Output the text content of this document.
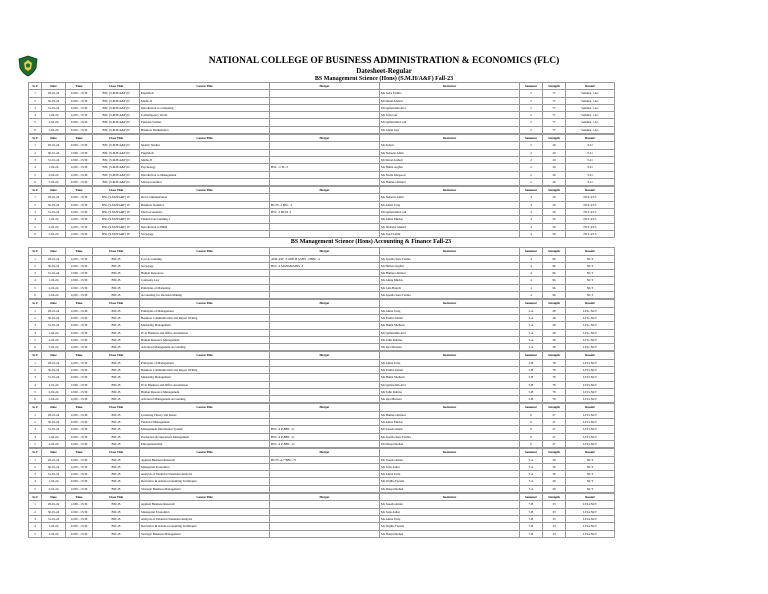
NATIONAL COLLEGE OF BUSINESS ADMINISTRATION & ECONOMICS (FLC)
Datesheet-Regular
BS Management Science (Hons) (S.M.H/A&F) Fall-23
Sr.#	Date	Time	Class Title	Course Title	Merger	Instructor	Semester	Strength	Room#	
1	29-01-24	12:00 - 13:30	BSC (S.M.H/A&F) II	English-II		Ms Saira Fatima	2	77	Seminar 1-G1	
2	30-01-24	12:00 - 13:30	BSC (S.M.H/A&F) II	Maths-II		Mr Imran Arshad	2	77	Seminar 1-G1	
3	31-01-24	12:00 - 13:30	BSC (S.M.H/A&F) II	Introduction to computing		Mr Qamruddin Alvi	2	77	Seminar 1-G1	
4	1-02-24	12:00 - 13:30	BSC (S.M.H/A&F) II	Contemporary World		Ms Sana Gul	2	77	Seminar 1-G1	
5	2-02-24	12:00 - 13:30	BSC (S.M.H/A&F) II	Pakistan Studies		Mr Qamruddin Lodi	2	77	Seminar 1-G1	
6	5-02-24	12:00 - 13:30	BSC (S.M.H/A&F) II	Business Mathematics		Ms Ghazi Iqar	2	77	Seminar 1-G1	
Sr.#	Date	Time	Class Title	Course Title	Merger	Instructor	Semester	Strength	Room#	
1	29-01-24	12:00 - 13:30	BSC (S.M.H/A&F) II	Islamic Studies		Mr Zubair	2	29	T-21	
2	30-01-24	12:00 - 13:30	BSC (S.M.H/A&F) II	English-II		Ms Nabeela Amin	2	29	T-21	
3	31-01-24	12:00 - 13:30	BSC (S.M.H/A&F) II	Maths-II		Mr Imran Arshad	2	29	T-21	
4	1-02-24	12:00 - 13:30	BSC (S.M.H/A&F) II	Psychology	BSC - CTL-3	Ms Huma Asghar	2	29	T-21	
5	2-02-24	12:00 - 13:30	BSC (S.M.H/A&F) II	Introduction to Management		Ms Nadia Maqsood	2	29	T-21	
6	5-02-24	12:00 - 13:30	BSC (S.M.H/A&F) II	Microeconomics		Ms Humera Ahmed	2	29	T-21	
Sr.#	Date	Time	Class Title	Course Title	Merger	Instructor	Semester	Strength	Room#	
1	29-01-24	12:00 - 13:30	BSC (S.M.H/A&F) IV	Oral Communication		Ms Nabeela Amin	4	59	NCT-4/C5	
2	30-01-24	12:00 - 13:30	BSC (S.M.H/A&F) IV	Business Statistics	BCTS -3 BSC -3	Mr Amna Tariq	4	59	NCT-4/C5	
3	31-01-24	12:00 - 13:30	BSC (S.M.H/A&F) IV	Macroeconomics	BSC -3 BCM -3	Mr Qamruddin Lodi	4	59	NCT-4/C5	
4	1-02-24	12:00 - 13:30	BSC (S.M.H/A&F) IV	Financial Accounting-I		Ms Amna Mirdas	4	59	NCT-4/C5	
5	2-02-24	12:00 - 13:30	BSC (S.M.H/A&F) IV	Introduction to HRM		Ms Shabana Ahmed	4	59	NCT-4/C5	
6	5-02-24	12:00 - 13:30	BSC (S.M.H/A&F) IV	Sociology		Ms Saad Salam	4	59	NCT-4/C5	
BS Management Science (Hons) Accounting & Finance Fall-23
Sr.#	Date	Time	Class Title	Course Title	Merger	Instructor	Semester	Strength	Room#	
1	29-01-24	12:00 - 13:30	BSC-B	Cost Accounting	ADP-ASF -3 ADP-B ASFIS -3 BBC -4	Ms Ayesha Sana Fatima	4	96	NCT	
2	30-01-24	12:00 - 13:30	BSC-B	Sociology	BSC -4 MANMGMNS -3	Mr Hamza Asghar	4	96	NCT	
3	31-01-24	12:00 - 13:30	BSC-B	Human Resources		Ms Humera Ahmed	4	96	NCT	
4	1-02-24	12:00 - 13:30	BSC-B	Company Law		Ms Amna Mirdas	4	96	NCT	
5	2-02-24	12:00 - 13:30	BSC-B	Principles of Marketing		Ms Lina Baloch	4	96	NCT	
6	5-02-24	12:00 - 13:30	BSC-B	Accounting for Decision Making		Ms Ayesha Sana Fatima	4	96	NCT	
Sr.#	Date	Time	Class Title	Course Title	Merger	Instructor	Semester	Strength	Room#	
1	29-01-24	12:00 - 13:30	BSC-B	Principles of Management		Ms Amna Tariq	5-A	28	LT21-NCT	
2	30-01-24	12:00 - 13:30	BSC-B	Business Communication and Report Writing		Ms Fatima Ismail	5-A	28	LT21-NCT	
3	31-01-24	12:00 - 13:30	BSC-B	Marketing Management		Ms Huma Shaheen	5-A	28	LT21-NCT	
4	1-02-24	12:00 - 13:30	BSC-B	IT in Business and Office Automation		Mr Qamruddin Alvi	5-A	28	LT21-NCT	
5	2-02-24	12:00 - 13:30	BSC-B	Human Resource Management		Ms Tahir Rubina	5-A	28	LT21-NCT	
6	5-02-24	12:00 - 13:30	BSC-B	Advanced Management Accounting		Ms Iqra Murtaza	5-A	28	LT21-NCT	
Sr.#	Date	Time	Class Title	Course Title	Merger	Instructor	Semester	Strength	Room#	
1	29-01-24	12:00 - 13:30	BSC-B	Principles of Management		Ms Amna Tariq	5-B	78	LT23-NCT	
2	30-01-24	12:00 - 13:30	BSC-B	Business Communication and Report Writing		Ms Fatima Ismail	5-B	78	LT23-NCT	
3	31-01-24	12:00 - 13:30	BSC-B	Marketing Management		Ms Huma Shaheen	5-B	78	LT23-NCT	
4	1-02-24	12:00 - 13:30	BSC-B	IT in Business and Office Automation		Mr Qamruddin Alvi	5-B	78	LT23-NCT	
5	2-02-24	12:00 - 13:30	BSC-B	Human Resource Management		Ms Tahir Rubina	5-B	78	LT23-NCT	
6	5-02-24	12:00 - 13:30	BSC-B	Advanced Management Accounting		Ms Iqra Murtaza	5-B	78	LT23-NCT	
Sr.#	Date	Time	Class Title	Course Title	Merger	Instructor	Semester	Strength	Room#	
1	29-01-24	12:00 - 13:30	BSC-B	Licensing Theory and Issues		Ms Humera Ahmed	6	27	LT23-NCT	
2	30-01-24	12:00 - 13:30	BSC-B	Financial Management		Ms Amna Mirdas	6	27	LT23-NCT	
3	31-01-24	12:00 - 13:30	BSC-B	Management Information System	BSC -4 P-BBC -11	Mr Saeeda Aman	6	27	LT23-NCT	
4	1-02-24	12:00 - 13:30	BSC-B	Production & Operations Management	BSC -4 P-BBC -11	Ms Ayesha Sana Fatima	6	27	LT23-NCT	
5	2-02-24	12:00 - 13:30	BSC-B	Entrepreneurship	BSC -4 P-BBC -11	Mr Danyal Rehan	6	27	LT23-NCT	
Sr.#	Date	Time	Class Title	Course Title	Merger	Instructor	Semester	Strength	Room#	
1	29-01-24	12:00 - 13:30	BSC-B	Applied Business Research	BCTS -4-7 BBC -71	Ms Saeeda Aman	7-A	30	NCT	
2	30-01-24	12:00 - 13:30	BSC-B	Managerial Economics		Ms Sana Ashar	7-A	30	NCT	
3	31-01-24	12:00 - 13:30	BSC-B	Analysis of Financial Statement Analysis		Ms Amna Tariq	7-A	30	NCT	
4	1-02-24	12:00 - 13:30	BSC-B	Derivative & Advanced Auditing Techniques		Ms Wajiha Fazaila	7-A	30	NCT	
5	2-02-24	12:00 - 13:30	BSC-B	Strategic Business Management		Ms Danyal Rehan	7-A	30	NCT	
Sr.#	Date	Time	Class Title	Course Title	Merger	Instructor	Semester	Strength	Room#	
1	29-01-24	12:00 - 13:30	BSC-B	Applied Business Research		Ms Saeeda Aman	7-B	33	LT24-NCT	
2	30-01-24	12:00 - 13:30	BSC-B	Managerial Economics		Ms Sana Ashar	7-B	33	LT24-NCT	
3	31-01-24	12:00 - 13:30	BSC-B	Analysis of Financial Statement Analysis		Ms Amna Tariq	7-B	33	LT24-NCT	
4	1-02-24	12:00 - 13:30	BSC-B	Derivative & Advanced Auditing Techniques		Ms Wajiha Fazaila	7-B	33	LT24-NCT	
5	2-02-24	12:00 - 13:30	BSC-B	Strategic Business Management		Ms Danyal Rehan	7-B	33	LT24-NCT	
